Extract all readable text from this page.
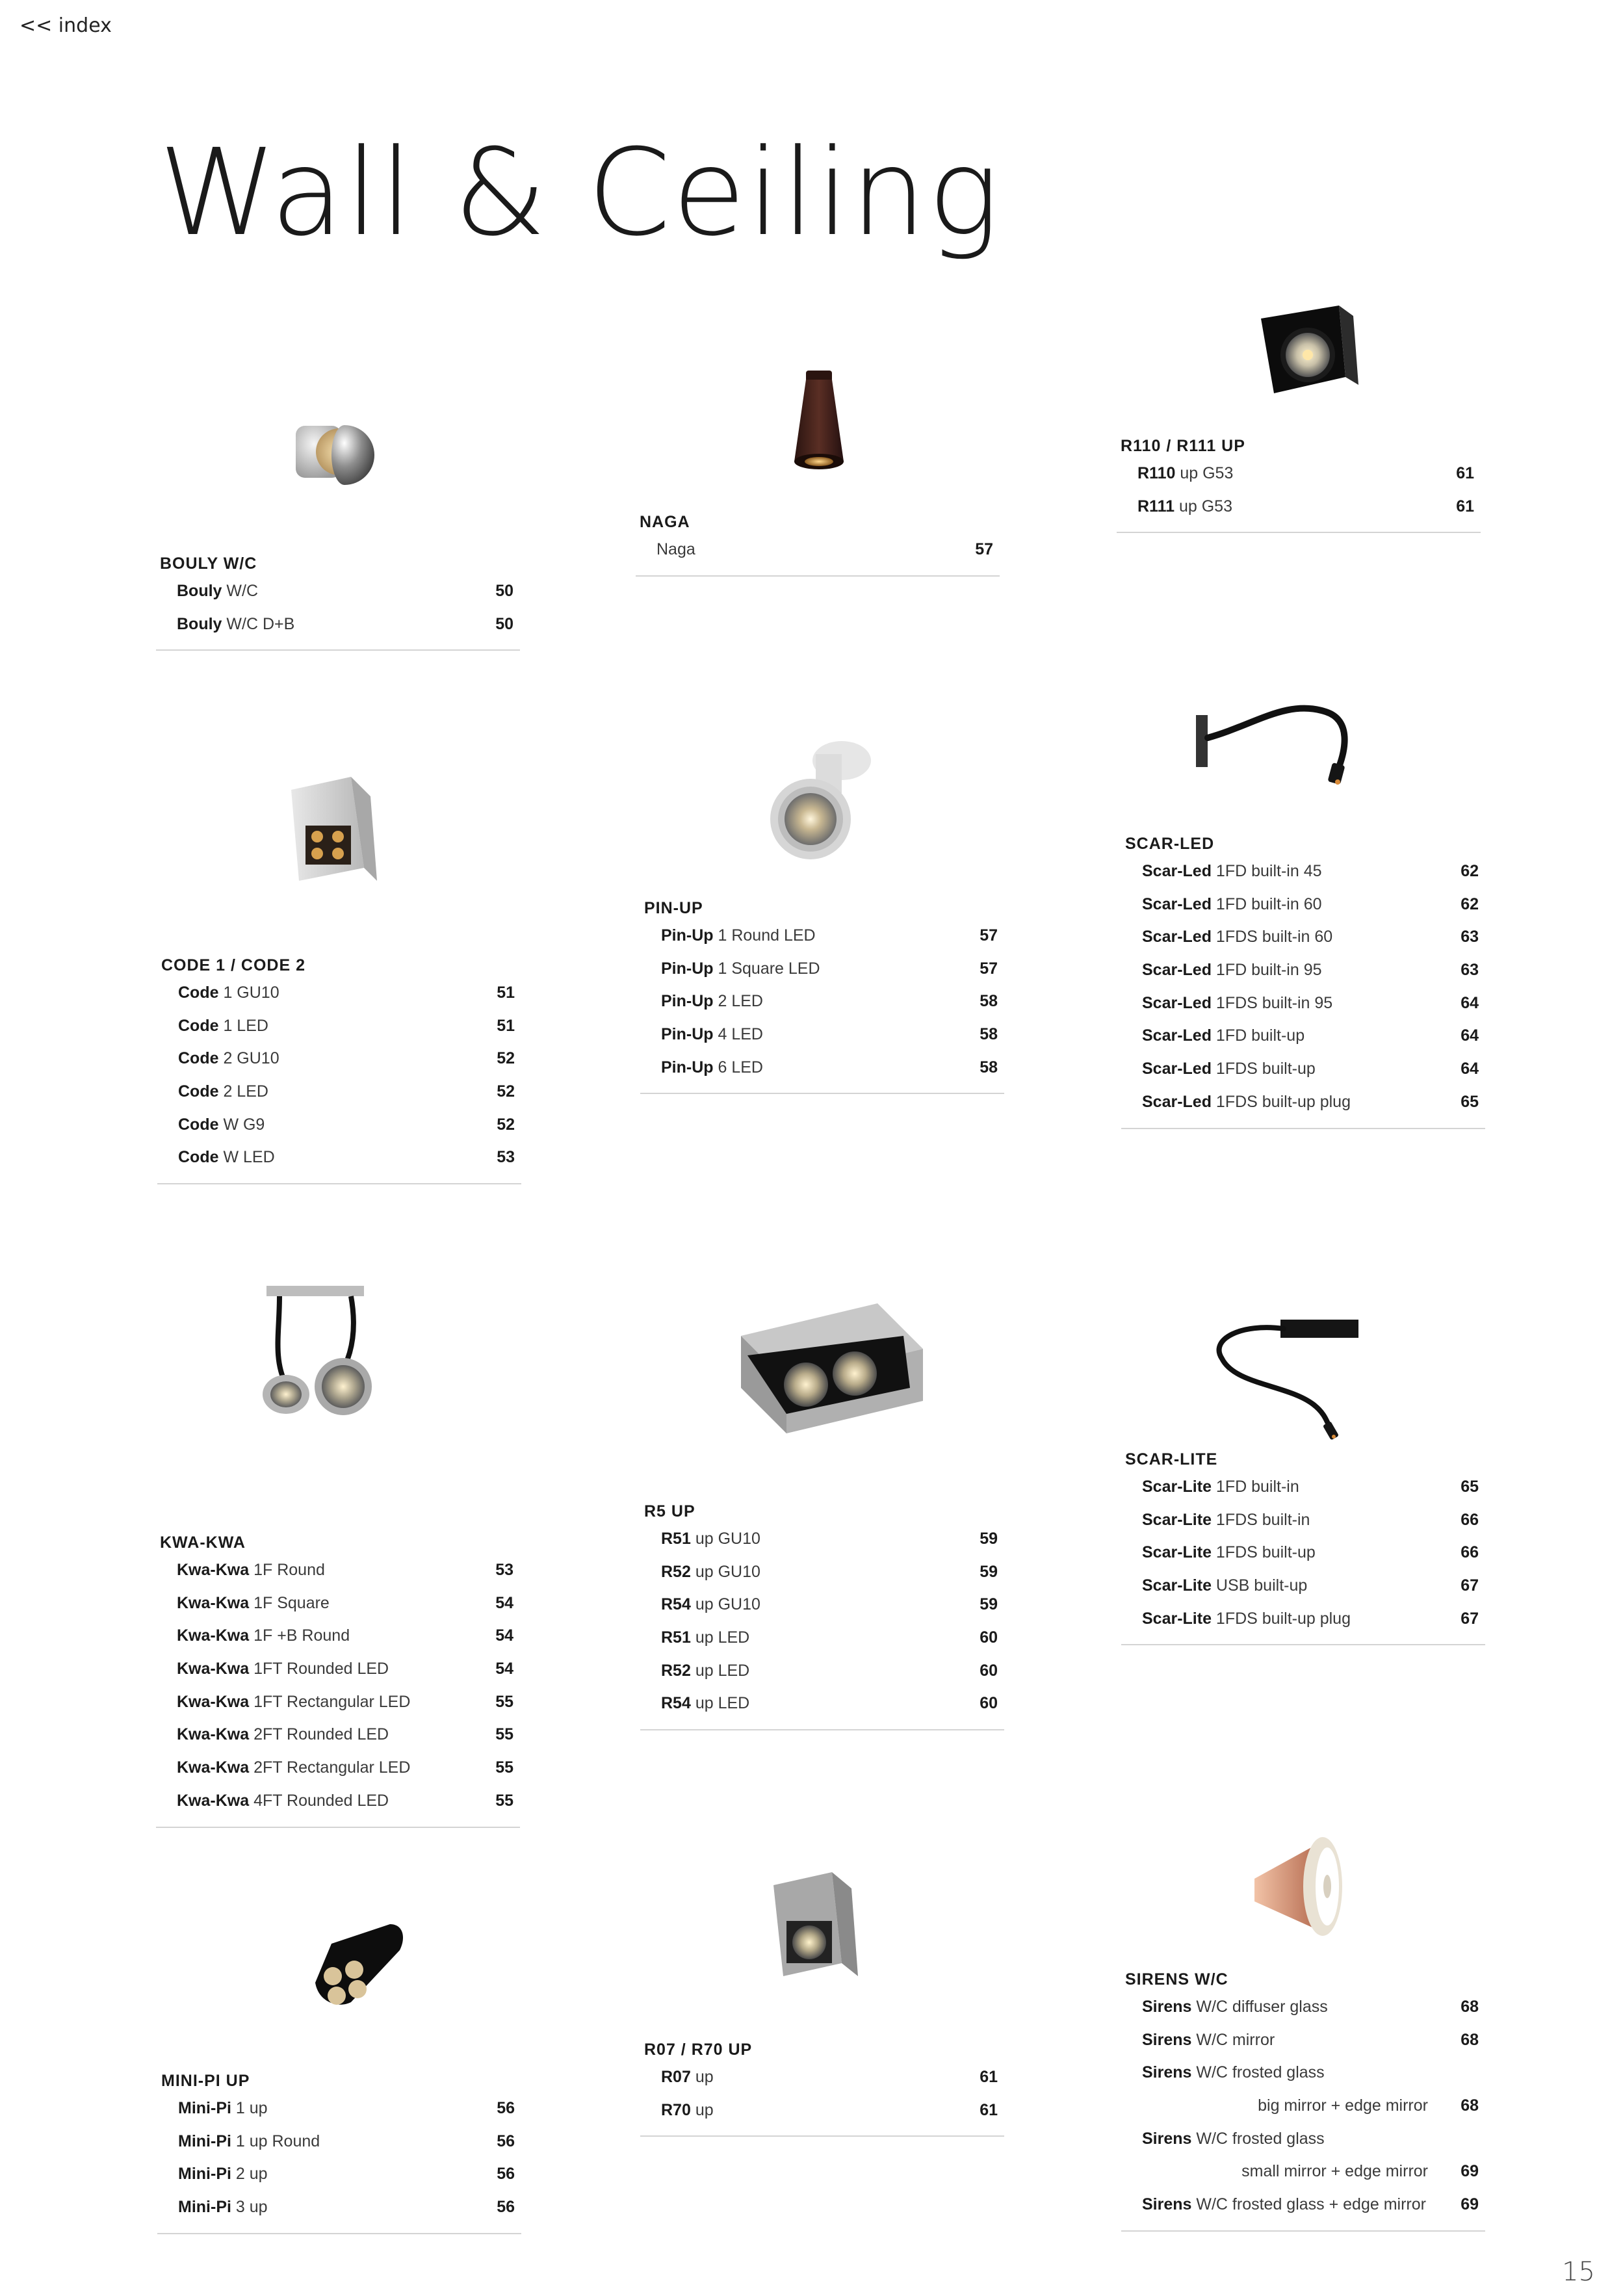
<< index
Wall & Ceiling
15
BOULY W/C
Bouly W/C	50
Bouly W/C D+B	50
NAGA
Naga	57
R110 / R111 UP
R110 up G53	61
R111 up G53	61
CODE 1 / CODE 2
Code 1 GU10	51
Code 1 LED	51
Code 2 GU10	52
Code 2 LED	52
Code W G9	52
Code W LED	53
PIN-UP
Pin-Up 1 Round LED	57
Pin-Up 1 Square LED	57
Pin-Up 2 LED	58
Pin-Up 4 LED	58
Pin-Up 6 LED	58
SCAR-LED
Scar-Led 1FD built-in 45	62
Scar-Led 1FD built-in 60	62
Scar-Led 1FDS built-in 60	63
Scar-Led 1FD built-in 95	63
Scar-Led 1FDS built-in 95	64
Scar-Led 1FD built-up	64
Scar-Led 1FDS built-up	64
Scar-Led 1FDS built-up plug	65
KWA-KWA
Kwa-Kwa 1F Round	53
Kwa-Kwa 1F Square	54
Kwa-Kwa 1F +B Round	54
Kwa-Kwa 1FT Rounded LED	54
Kwa-Kwa 1FT Rectangular LED	55
Kwa-Kwa 2FT Rounded LED	55
Kwa-Kwa 2FT Rectangular LED	55
Kwa-Kwa 4FT Rounded LED	55
R5 UP
R51 up GU10	59
R52 up GU10	59
R54 up GU10	59
R51 up LED	60
R52 up LED	60
R54 up LED	60
SCAR-LITE
Scar-Lite 1FD built-in	65
Scar-Lite 1FDS built-in	66
Scar-Lite 1FDS built-up	66
Scar-Lite USB built-up	67
Scar-Lite 1FDS built-up plug	67
MINI-PI UP
Mini-Pi 1 up	56
Mini-Pi 1 up Round	56
Mini-Pi 2 up	56
Mini-Pi 3 up	56
R07 / R70 UP
R07 up	61
R70 up	61
SIRENS W/C
Sirens W/C diffuser glass	68
Sirens W/C mirror	68
Sirens W/C frosted glass
big mirror + edge mirror 68
Sirens W/C frosted glass
small mirror + edge mirror 69
Sirens W/C frosted glass + edge mirror 69
